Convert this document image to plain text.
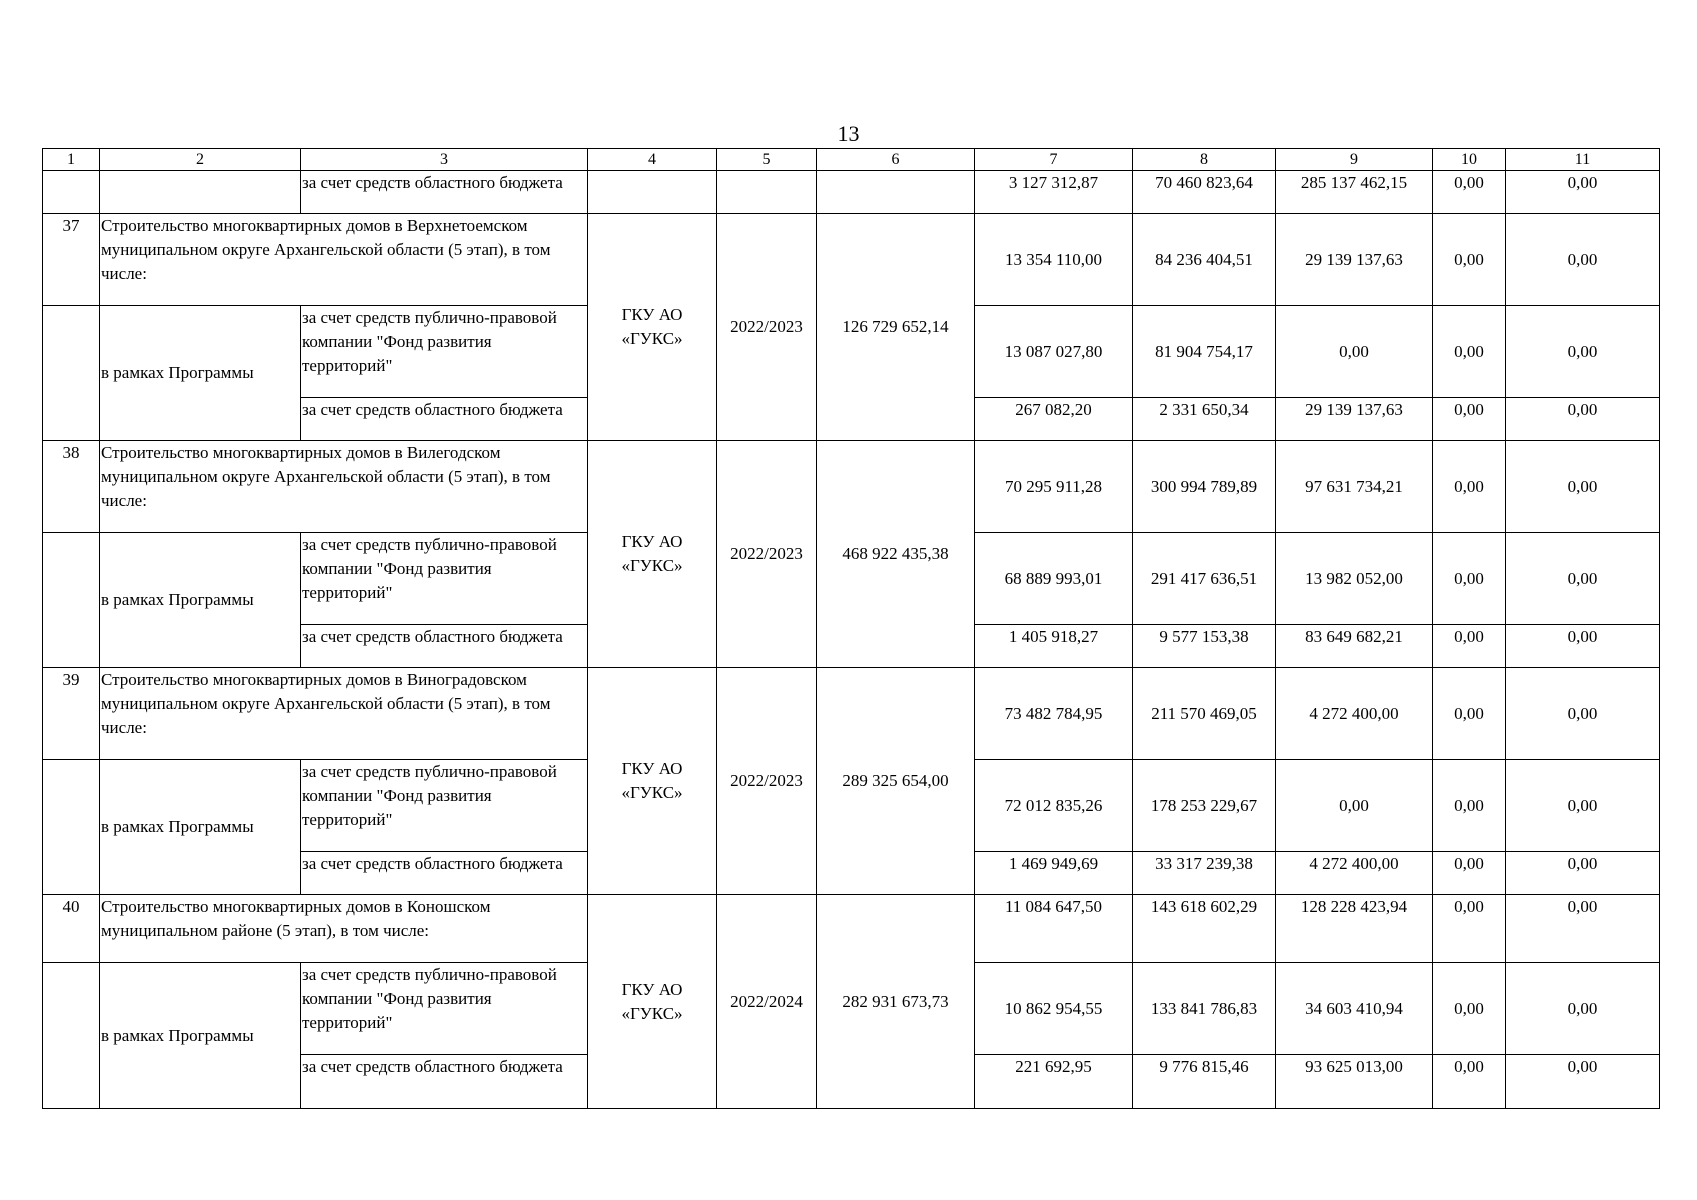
13
1	2	3	4	5	6	7	8	9	10	11
		за счет средств областного бюджета				3 127 312,87	70 460 823,64	285 137 462,15	0,00	0,00
37	Строительство многоквартирных домов в Верхнетоемском муниципальном округе Архангельской области (5 этап), в том числе:		ГКУ АО «ГУКС»	2022/2023	126 729 652,14	13 354 110,00	84 236 404,51	29 139 137,63	0,00	0,00
	в рамках Программы	за счет средств публично-правовой компании "Фонд развития территорий"				13 087 027,80	81 904 754,17	0,00	0,00	0,00
		за счет средств областного бюджета				267 082,20	2 331 650,34	29 139 137,63	0,00	0,00
38	Строительство многоквартирных домов в Вилегодском муниципальном округе Архангельской области (5 этап), в том числе:		ГКУ АО «ГУКС»	2022/2023	468 922 435,38	70 295 911,28	300 994 789,89	97 631 734,21	0,00	0,00
	в рамках Программы	за счет средств публично-правовой компании "Фонд развития территорий"				68 889 993,01	291 417 636,51	13 982 052,00	0,00	0,00
		за счет средств областного бюджета				1 405 918,27	9 577 153,38	83 649 682,21	0,00	0,00
39	Строительство многоквартирных домов в Виноградовском муниципальном округе Архангельской области (5 этап), в том числе:		ГКУ АО «ГУКС»	2022/2023	289 325 654,00	73 482 784,95	211 570 469,05	4 272 400,00	0,00	0,00
	в рамках Программы	за счет средств публично-правовой компании "Фонд развития территорий"				72 012 835,26	178 253 229,67	0,00	0,00	0,00
		за счет средств областного бюджета				1 469 949,69	33 317 239,38	4 272 400,00	0,00	0,00
40	Строительство многоквартирных домов в Коношском муниципальном районе (5 этап), в том числе:		ГКУ АО «ГУКС»	2022/2024	282 931 673,73	11 084 647,50	143 618 602,29	128 228 423,94	0,00	0,00
	в рамках Программы	за счет средств публично-правовой компании "Фонд развития территорий"				10 862 954,55	133 841 786,83	34 603 410,94	0,00	0,00
		за счет средств областного бюджета				221 692,95	9 776 815,46	93 625 013,00	0,00	0,00
